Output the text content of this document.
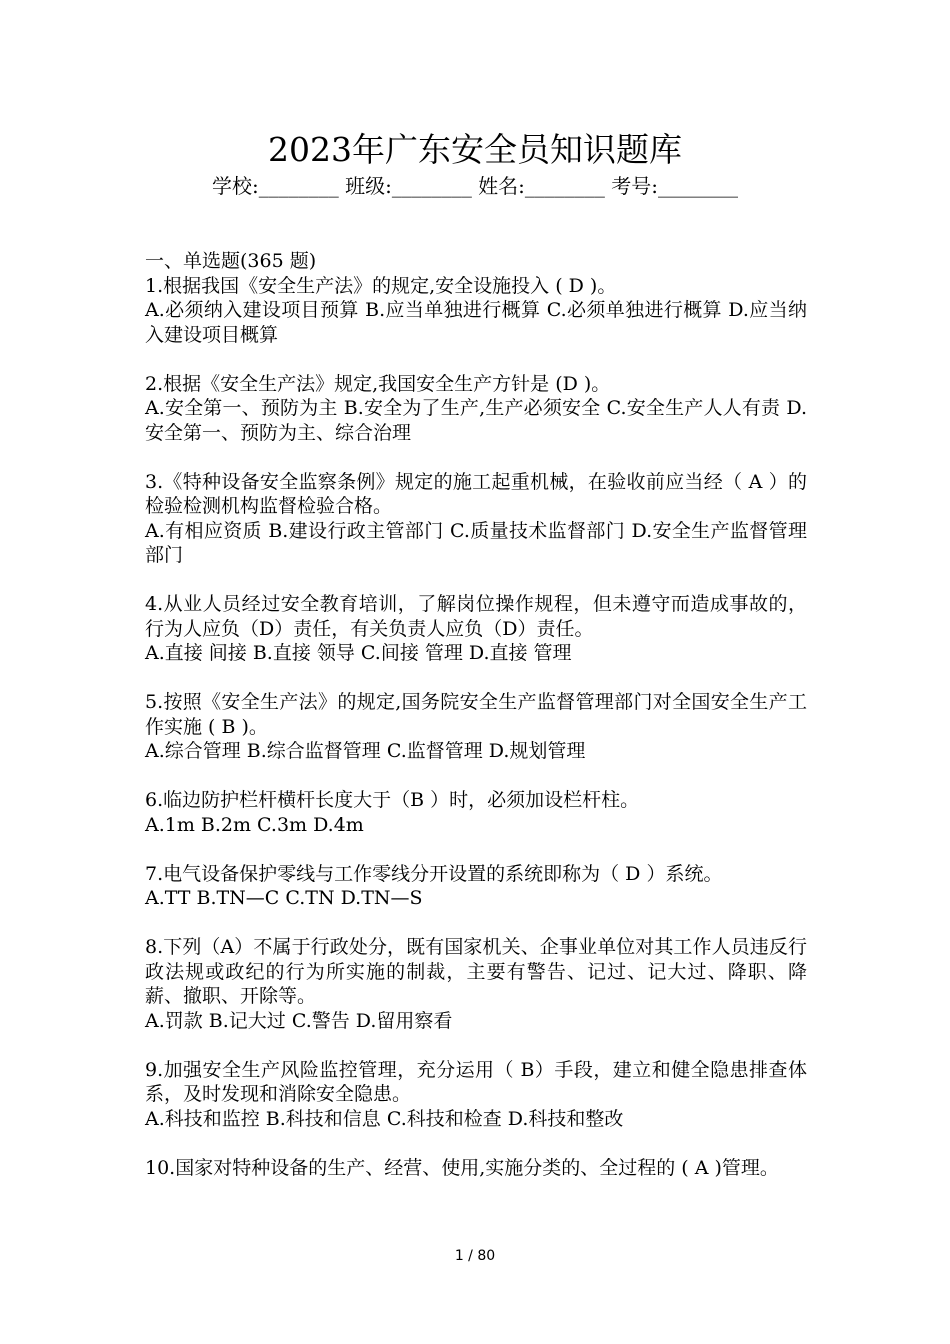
2023年广东安全员知识题库
学校:________ 班级:________ 姓名:________ 考号:________

一、单选题(365 题)

1.根据我国《安全生产法》的规定,安全设施投入 ( D )。

A.必须纳入建设项目预算 B.应当单独进行概算 C.必须单独进行概算 D.应当纳入建设项目概算

2.根据《安全生产法》规定,我国安全生产方针是 (D )。

A.安全第一、预防为主 B.安全为了生产,生产必须安全 C.安全生产人人有责 D.安全第一、预防为主、综合治理

3.《特种设备安全监察条例》规定的施工起重机械，在验收前应当经（ A ）的检验检测机构监督检验合格。

A.有相应资质 B.建设行政主管部门 C.质量技术监督部门 D.安全生产监督管理部门

4.从业人员经过安全教育培训，了解岗位操作规程，但未遵守而造成事故的，行为人应负（D）责任，有关负责人应负（D）责任。

A.直接 间接 B.直接 领导 C.间接 管理 D.直接 管理

5.按照《安全生产法》的规定,国务院安全生产监督管理部门对全国安全生产工作实施 ( B )。

A.综合管理 B.综合监督管理 C.监督管理 D.规划管理

6.临边防护栏杆横杆长度大于（B ）时，必须加设栏杆柱。

A.1m B.2m C.3m D.4m

7.电气设备保护零线与工作零线分开设置的系统即称为（ D ）系统。

A.TT B.TN—C C.TN D.TN—S

8.下列（A）不属于行政处分，既有国家机关、企事业单位对其工作人员违反行政法规或政纪的行为所实施的制裁，主要有警告、记过、记大过、降职、降薪、撤职、开除等。

A.罚款 B.记大过 C.警告 D.留用察看

9.加强安全生产风险监控管理，充分运用（ B）手段，建立和健全隐患排查体系，及时发现和消除安全隐患。

A.科技和监控 B.科技和信息 C.科技和检查 D.科技和整改

10.国家对特种设备的生产、经营、使用,实施分类的、全过程的 ( A )管理。

1 / 80
